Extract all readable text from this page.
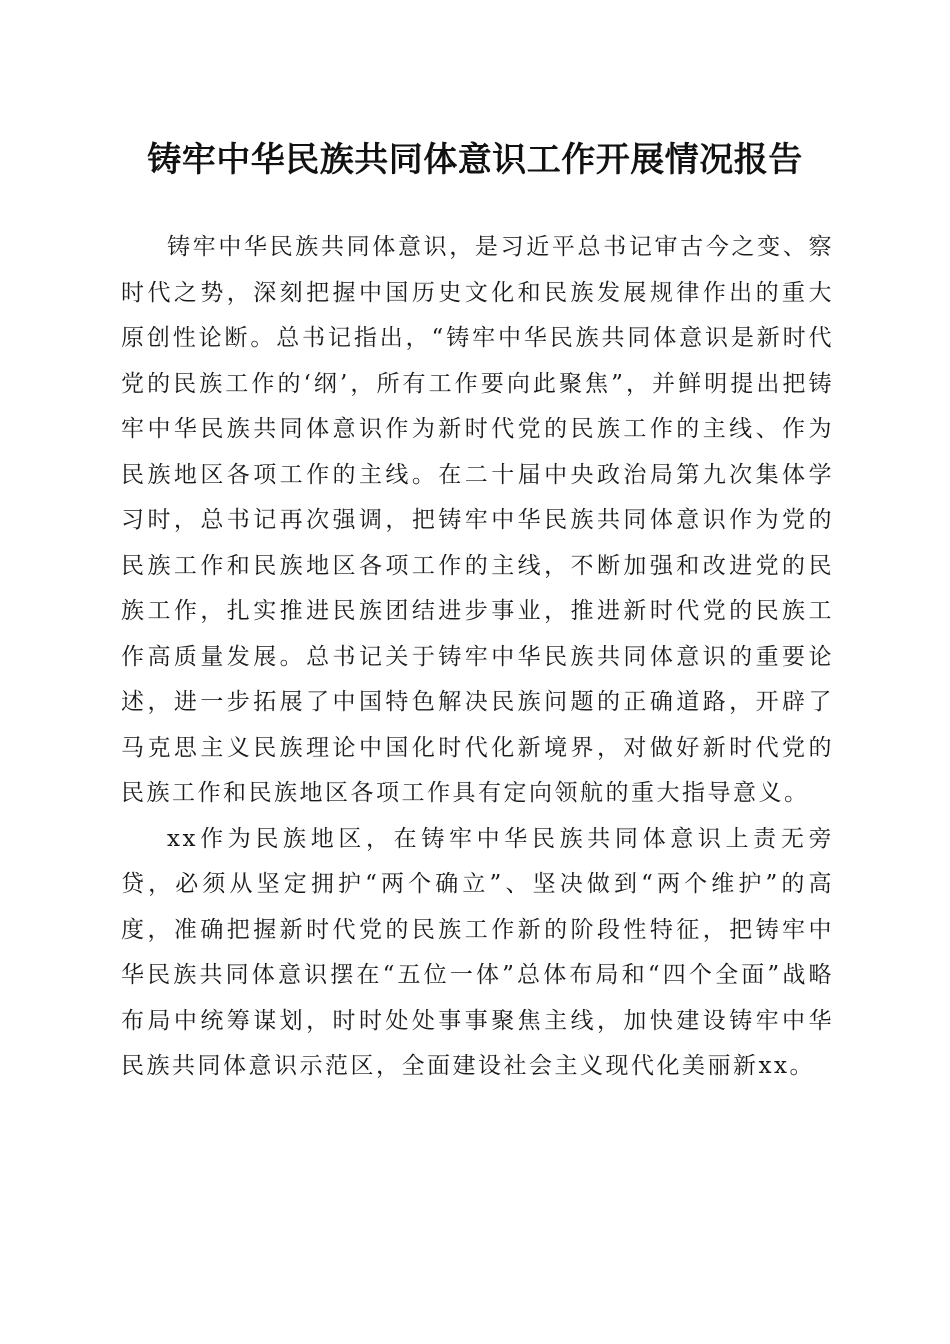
铸牢中华民族共同体意识工作开展情况报告

铸牢中华民族共同体意识，是习近平总书记审古今之变、察时代之势，深刻把握中国历史文化和民族发展规律作出的重大原创性论断。总书记指出，“铸牢中华民族共同体意识是新时代党的民族工作的‘纲’，所有工作要向此聚焦”，并鲜明提出把铸牢中华民族共同体意识作为新时代党的民族工作的主线、作为民族地区各项工作的主线。在二十届中央政治局第九次集体学习时，总书记再次强调，把铸牢中华民族共同体意识作为党的民族工作和民族地区各项工作的主线，不断加强和改进党的民族工作，扎实推进民族团结进步事业，推进新时代党的民族工作高质量发展。总书记关于铸牢中华民族共同体意识的重要论述，进一步拓展了中国特色解决民族问题的正确道路，开辟了马克思主义民族理论中国化时代化新境界，对做好新时代党的民族工作和民族地区各项工作具有定向领航的重大指导意义。

xx作为民族地区，在铸牢中华民族共同体意识上责无旁贷，必须从坚定拥护“两个确立”、坚决做到“两个维护”的高度，准确把握新时代党的民族工作新的阶段性特征，把铸牢中华民族共同体意识摆在“五位一体”总体布局和“四个全面”战略布局中统筹谋划，时时处处事事聚焦主线，加快建设铸牢中华民族共同体意识示范区，全面建设社会主义现代化美丽新xx。
